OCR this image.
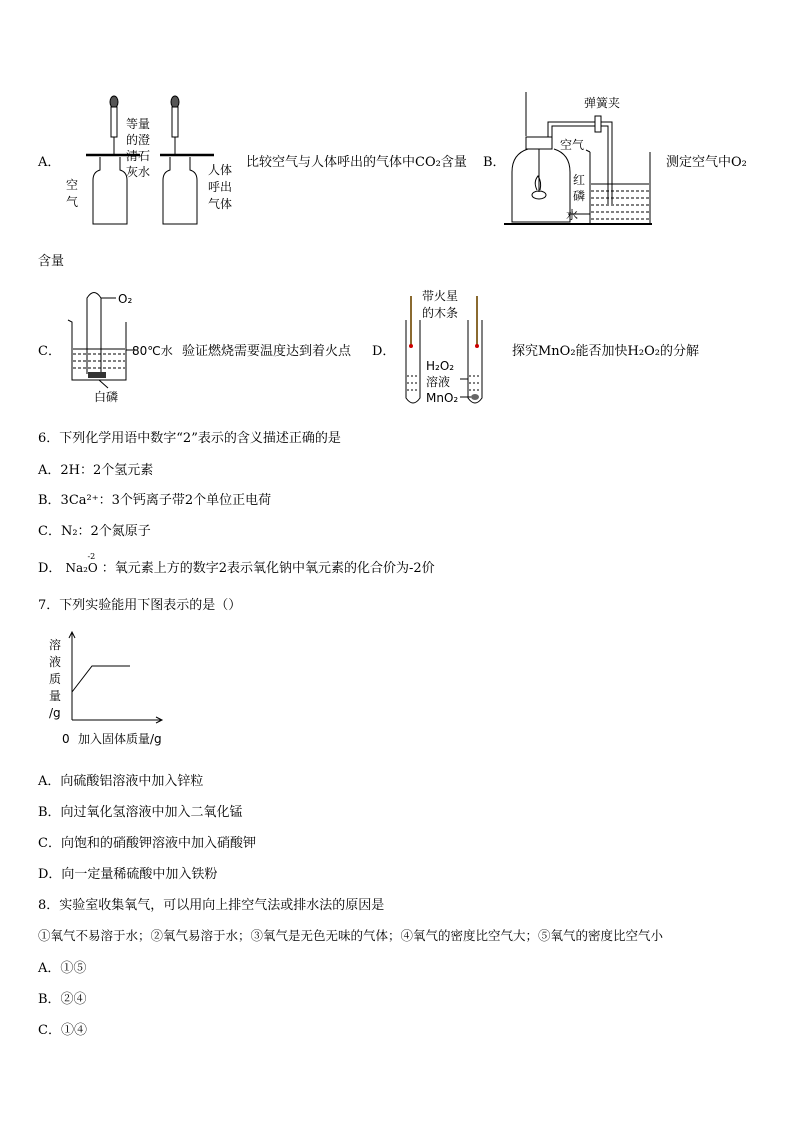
A．
等量
的澄
清石
灰水
空
气
人体
呼出
气体
比较空气与人体呼出的气体中CO₂含量 B．
弹簧夹
空气
红
磷
水
测定空气中O₂
含量
C．
O₂
80℃水
白磷
验证燃烧需要温度达到着火点 D．
带火星
的木条
H₂O₂
溶液
MnO₂
探究MnO₂能否加快H₂O₂的分解
6．下列化学用语中数字“2”表示的含义描述正确的是
A．2H：2个氢元素
B．3Ca²⁺：3个钙离子带2个单位正电荷
C．N₂：2个氮原子
D．
-2
Na₂O ：氧元素上方的数字2表示氧化钠中氧元素的化合价为-2价
7．下列实验能用下图表示的是（）
溶
液
质
量
/g
0 加入固体质量/g
A．向硫酸铝溶液中加入锌粒
B．向过氧化氢溶液中加入二氧化锰
C．向饱和的硝酸钾溶液中加入硝酸钾
D．向一定量稀硫酸中加入铁粉
8．实验室收集氧气，可以用向上排空气法或排水法的原因是
①氧气不易溶于水；②氧气易溶于水；③氧气是无色无味的气体；④氧气的密度比空气大；⑤氧气的密度比空气小
A．①⑤
B．②④
C．①④
